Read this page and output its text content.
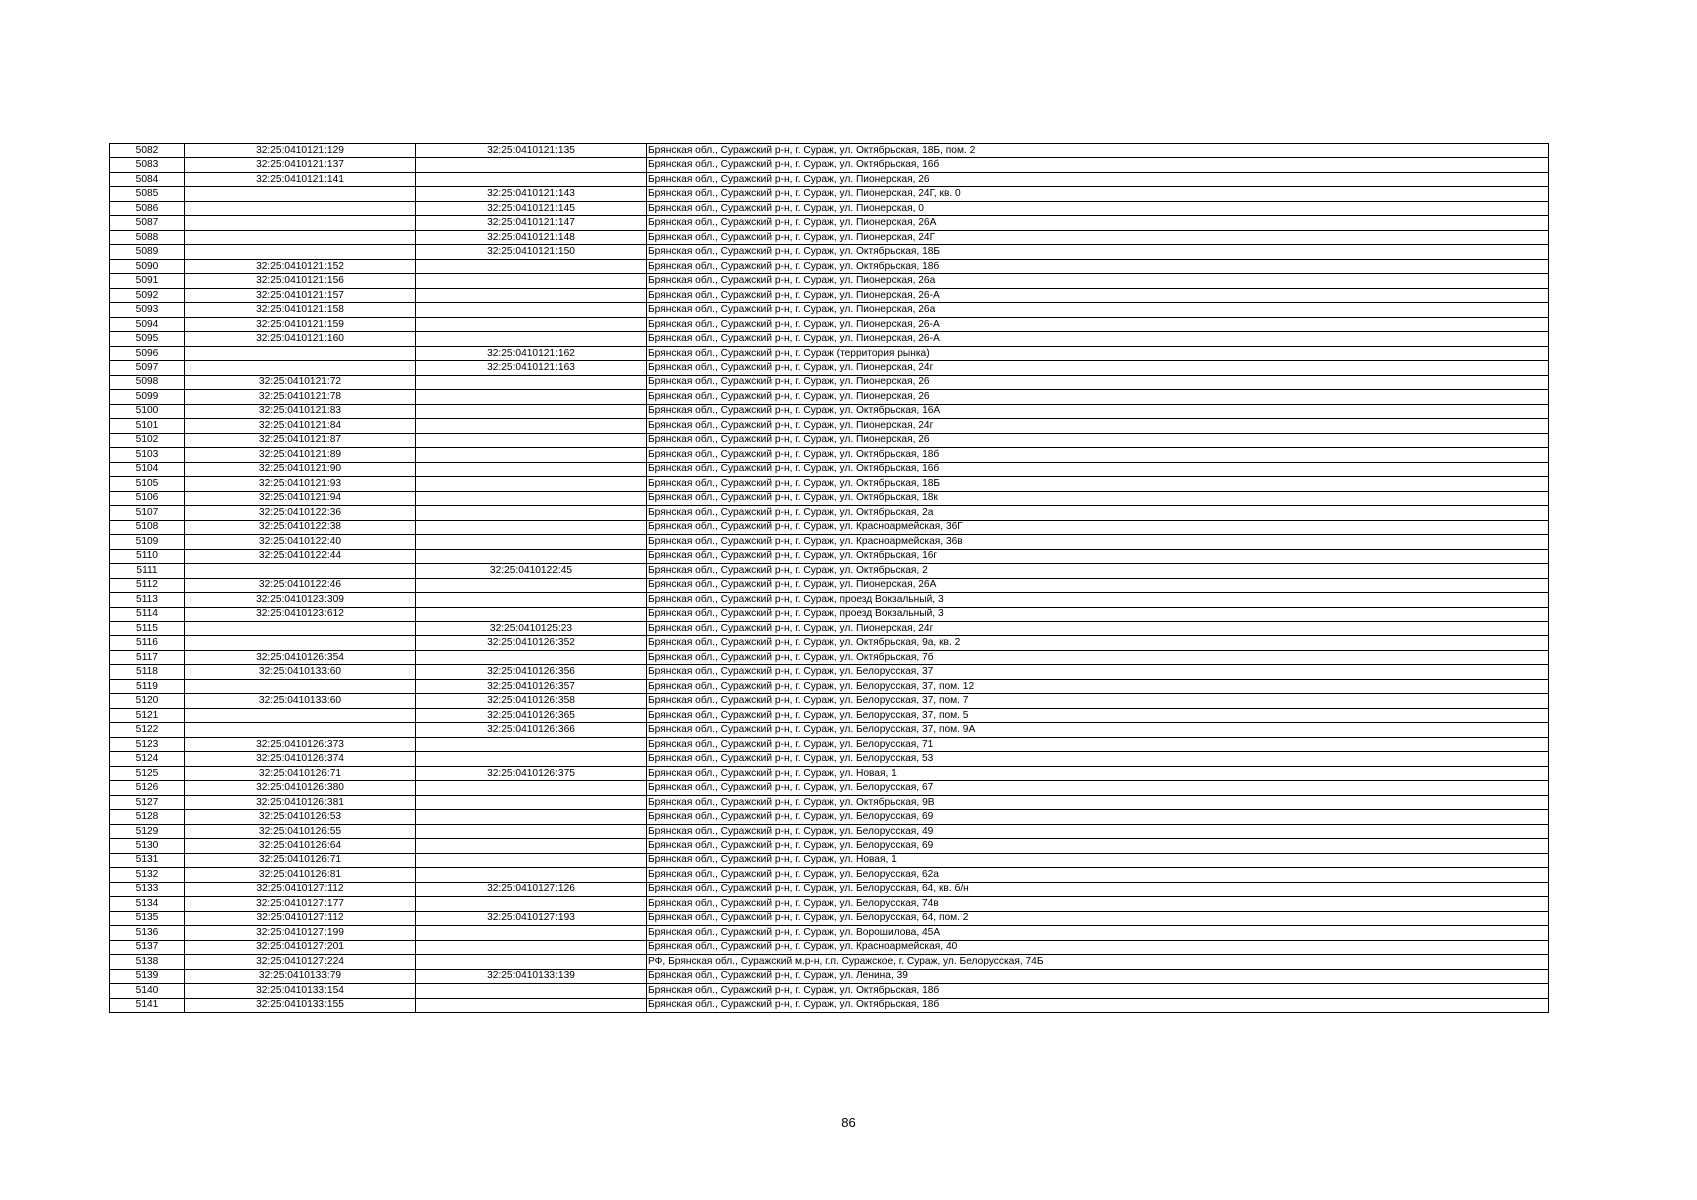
5082	32:25:0410121:129	32:25:0410121:135	Брянская обл., Суражский р-н, г. Сураж, ул. Октябрьская, 18Б, пом. 2
5083	32:25:0410121:137		Брянская обл., Суражский р-н, г. Сураж, ул. Октябрьская, 16б
5084	32:25:0410121:141		Брянская обл., Суражский р-н, г. Сураж, ул. Пионерская, 26
5085		32:25:0410121:143	Брянская обл., Суражский р-н, г. Сураж, ул. Пионерская, 24Г, кв. 0
5086		32:25:0410121:145	Брянская обл., Суражский р-н, г. Сураж, ул. Пионерская, 0
5087		32:25:0410121:147	Брянская обл., Суражский р-н, г. Сураж, ул. Пионерская, 26А
5088		32:25:0410121:148	Брянская обл., Суражский р-н, г. Сураж, ул. Пионерская, 24Г
5089		32:25:0410121:150	Брянская обл., Суражский р-н, г. Сураж, ул. Октябрьская, 18Б
5090	32:25:0410121:152		Брянская обл., Суражский р-н, г. Сураж, ул. Октябрьская, 18б
5091	32:25:0410121:156		Брянская обл., Суражский р-н, г. Сураж, ул. Пионерская, 26а
5092	32:25:0410121:157		Брянская обл., Суражский р-н, г. Сураж, ул. Пионерская, 26-А
5093	32:25:0410121:158		Брянская обл., Суражский р-н, г. Сураж, ул. Пионерская, 26а
5094	32:25:0410121:159		Брянская обл., Суражский р-н, г. Сураж, ул. Пионерская, 26-А
5095	32:25:0410121:160		Брянская обл., Суражский р-н, г. Сураж, ул. Пионерская, 26-А
5096		32:25:0410121:162	Брянская обл., Суражский р-н, г. Сураж (территория рынка)
5097		32:25:0410121:163	Брянская обл., Суражский р-н, г. Сураж, ул. Пионерская, 24г
5098	32:25:0410121:72		Брянская обл., Суражский р-н, г. Сураж, ул. Пионерская, 26
5099	32:25:0410121:78		Брянская обл., Суражский р-н, г. Сураж, ул. Пионерская, 26
5100	32:25:0410121:83		Брянская обл., Суражский р-н, г. Сураж, ул. Октябрьская, 16А
5101	32:25:0410121:84		Брянская обл., Суражский р-н, г. Сураж, ул. Пионерская, 24г
5102	32:25:0410121:87		Брянская обл., Суражский р-н, г. Сураж, ул. Пионерская, 26
5103	32:25:0410121:89		Брянская обл., Суражский р-н, г. Сураж, ул. Октябрьская, 18б
5104	32:25:0410121:90		Брянская обл., Суражский р-н, г. Сураж, ул. Октябрьская, 16б
5105	32:25:0410121:93		Брянская обл., Суражский р-н, г. Сураж, ул. Октябрьская, 18Б
5106	32:25:0410121:94		Брянская обл., Суражский р-н, г. Сураж, ул. Октябрьская, 18к
5107	32:25:0410122:36		Брянская обл., Суражский р-н, г. Сураж, ул. Октябрьская, 2а
5108	32:25:0410122:38		Брянская обл., Суражский р-н, г. Сураж, ул. Красноармейская, 36Г
5109	32:25:0410122:40		Брянская обл., Суражский р-н, г. Сураж, ул. Красноармейская, 36в
5110	32:25:0410122:44		Брянская обл., Суражский р-н, г. Сураж, ул. Октябрьская, 16г
5111		32:25:0410122:45	Брянская обл., Суражский р-н, г. Сураж, ул. Октябрьская, 2
5112	32:25:0410122:46		Брянская обл., Суражский р-н, г. Сураж, ул. Пионерская, 26А
5113	32:25:0410123:309		Брянская обл., Суражский р-н, г. Сураж, проезд Вокзальный, 3
5114	32:25:0410123:612		Брянская обл., Суражский р-н, г. Сураж, проезд Вокзальный, 3
5115		32:25:0410125:23	Брянская обл., Суражский р-н, г. Сураж, ул. Пионерская, 24г
5116		32:25:0410126:352	Брянская обл., Суражский р-н, г. Сураж, ул. Октябрьская, 9а, кв. 2
5117	32:25:0410126:354		Брянская обл., Суражский р-н, г. Сураж, ул. Октябрьская, 7б
5118	32:25:0410133:60	32:25:0410126:356	Брянская обл., Суражский р-н, г. Сураж, ул. Белорусская, 37
5119		32:25:0410126:357	Брянская обл., Суражский р-н, г. Сураж, ул. Белорусская, 37, пом. 12
5120	32:25:0410133:60	32:25:0410126:358	Брянская обл., Суражский р-н, г. Сураж, ул. Белорусская, 37, пом. 7
5121		32:25:0410126:365	Брянская обл., Суражский р-н, г. Сураж, ул. Белорусская, 37, пом. 5
5122		32:25:0410126:366	Брянская обл., Суражский р-н, г. Сураж, ул. Белорусская, 37, пом. 9А
5123	32:25:0410126:373		Брянская обл., Суражский р-н, г. Сураж, ул. Белорусская, 71
5124	32:25:0410126:374		Брянская обл., Суражский р-н, г. Сураж, ул. Белорусская, 53
5125	32:25:0410126:71	32:25:0410126:375	Брянская обл., Суражский р-н, г. Сураж, ул. Новая, 1
5126	32:25:0410126:380		Брянская обл., Суражский р-н, г. Сураж, ул. Белорусская, 67
5127	32:25:0410126:381		Брянская обл., Суражский р-н, г. Сураж, ул. Октябрьская, 9В
5128	32:25:0410126:53		Брянская обл., Суражский р-н, г. Сураж, ул. Белорусская, 69
5129	32:25:0410126:55		Брянская обл., Суражский р-н, г. Сураж, ул. Белорусская, 49
5130	32:25:0410126:64		Брянская обл., Суражский р-н, г. Сураж, ул. Белорусская, 69
5131	32:25:0410126:71		Брянская обл., Суражский р-н, г. Сураж, ул. Новая, 1
5132	32:25:0410126:81		Брянская обл., Суражский р-н, г. Сураж, ул. Белорусская, 62а
5133	32:25:0410127:112	32:25:0410127:126	Брянская обл., Суражский р-н, г. Сураж, ул. Белорусская, 64, кв. б/н
5134	32:25:0410127:177		Брянская обл., Суражский р-н, г. Сураж, ул. Белорусская, 74в
5135	32:25:0410127:112	32:25:0410127:193	Брянская обл., Суражский р-н, г. Сураж, ул. Белорусская, 64, пом. 2
5136	32:25:0410127:199		Брянская обл., Суражский р-н, г. Сураж, ул. Ворошилова, 45А
5137	32:25:0410127:201		Брянская обл., Суражский р-н, г. Сураж, ул. Красноармейская, 40
5138	32:25:0410127:224		РФ, Брянская обл., Суражский м.р-н, г.п. Суражское, г. Сураж, ул. Белорусская, 74Б
5139	32:25:0410133:79	32:25:0410133:139	Брянская обл., Суражский р-н, г. Сураж, ул. Ленина, 39
5140	32:25:0410133:154		Брянская обл., Суражский р-н, г. Сураж, ул. Октябрьская, 18б
5141	32:25:0410133:155		Брянская обл., Суражский р-н, г. Сураж, ул. Октябрьская, 18б
86
